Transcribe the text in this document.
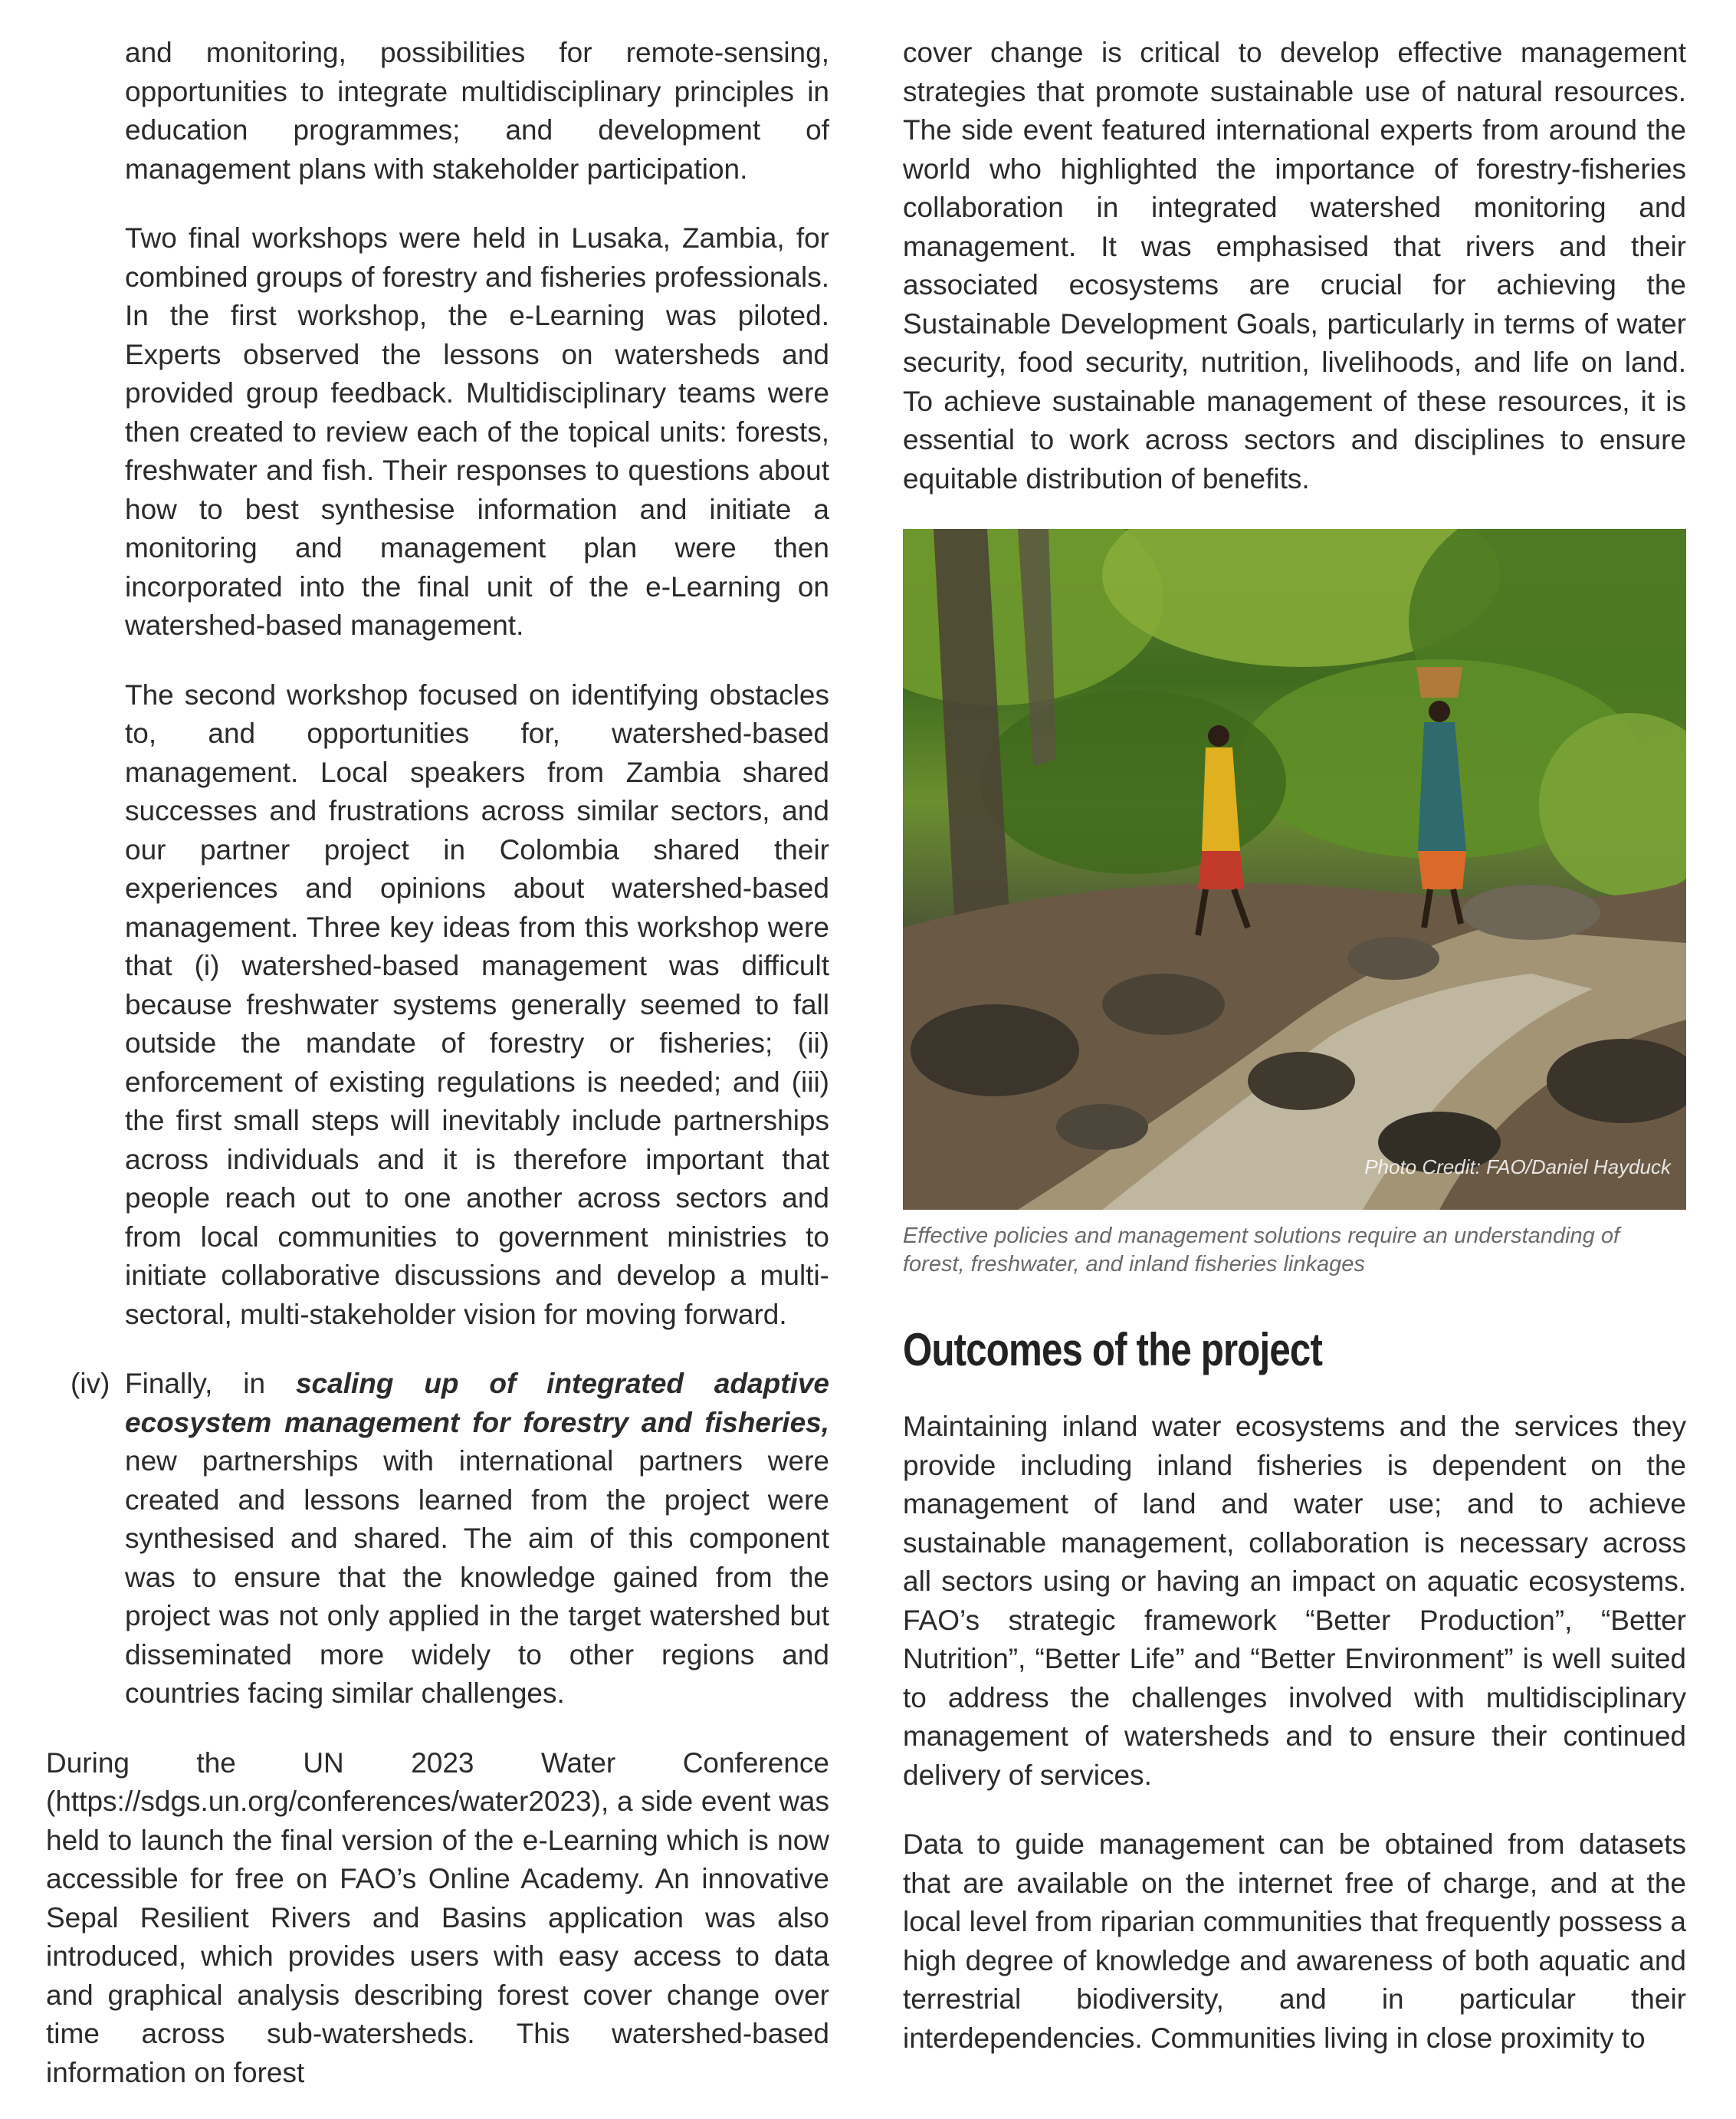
and monitoring, possibilities for remote-sensing, opportunities to integrate multidisciplinary principles in education programmes; and development of management plans with stakeholder participation.

Two final workshops were held in Lusaka, Zambia, for combined groups of forestry and fisheries professionals. In the first workshop, the e-Learning was piloted. Experts observed the lessons on watersheds and provided group feedback. Multidisciplinary teams were then created to review each of the topical units: forests, freshwater and fish. Their responses to questions about how to best synthesise information and initiate a monitoring and management plan were then incorporated into the final unit of the e-Learning on watershed-based management.

The second workshop focused on identifying obstacles to, and opportunities for, watershed-based management. Local speakers from Zambia shared successes and frustrations across similar sectors, and our partner project in Colombia shared their experiences and opinions about watershed-based management. Three key ideas from this workshop were that (i) watershed-based management was difficult because freshwater systems generally seemed to fall outside the mandate of forestry or fisheries; (ii) enforcement of existing regulations is needed; and (iii) the first small steps will inevitably include partnerships across individuals and it is therefore important that people reach out to one another across sectors and from local communities to government ministries to initiate collaborative discussions and develop a multi-sectoral, multi-stakeholder vision for moving forward.

(iv) Finally, in scaling up of integrated adaptive ecosystem management for forestry and fisheries, new partnerships with international partners were created and lessons learned from the project were synthesised and shared. The aim of this component was to ensure that the knowledge gained from the project was not only applied in the target watershed but disseminated more widely to other regions and countries facing similar challenges.

During the UN 2023 Water Conference (https://sdgs.un.org/conferences/water2023), a side event was held to launch the final version of the e-Learning which is now accessible for free on FAO’s Online Academy. An innovative Sepal Resilient Rivers and Basins application was also introduced, which provides users with easy access to data and graphical analysis describing forest cover change over time across sub-watersheds. This watershed-based information on forest

cover change is critical to develop effective management strategies that promote sustainable use of natural resources. The side event featured international experts from around the world who highlighted the importance of forestry-fisheries collaboration in integrated watershed monitoring and management. It was emphasised that rivers and their associated ecosystems are crucial for achieving the Sustainable Development Goals, particularly in terms of water security, food security, nutrition, livelihoods, and life on land. To achieve sustainable management of these resources, it is essential to work across sectors and disciplines to ensure equitable distribution of benefits.

Photo Credit: FAO/Daniel Hayduck
Effective policies and management solutions require an understanding of forest, freshwater, and inland fisheries linkages
Outcomes of the project

Maintaining inland water ecosystems and the services they provide including inland fisheries is dependent on the management of land and water use; and to achieve sustainable management, collaboration is necessary across all sectors using or having an impact on aquatic ecosystems. FAO’s strategic framework “Better Production”, “Better Nutrition”, “Better Life” and “Better Environment” is well suited to address the challenges involved with multidisciplinary management of watersheds and to ensure their continued delivery of services.

Data to guide management can be obtained from datasets that are available on the internet free of charge, and at the local level from riparian communities that frequently possess a high degree of knowledge and awareness of both aquatic and terrestrial biodiversity, and in particular their interdependencies. Communities living in close proximity to
